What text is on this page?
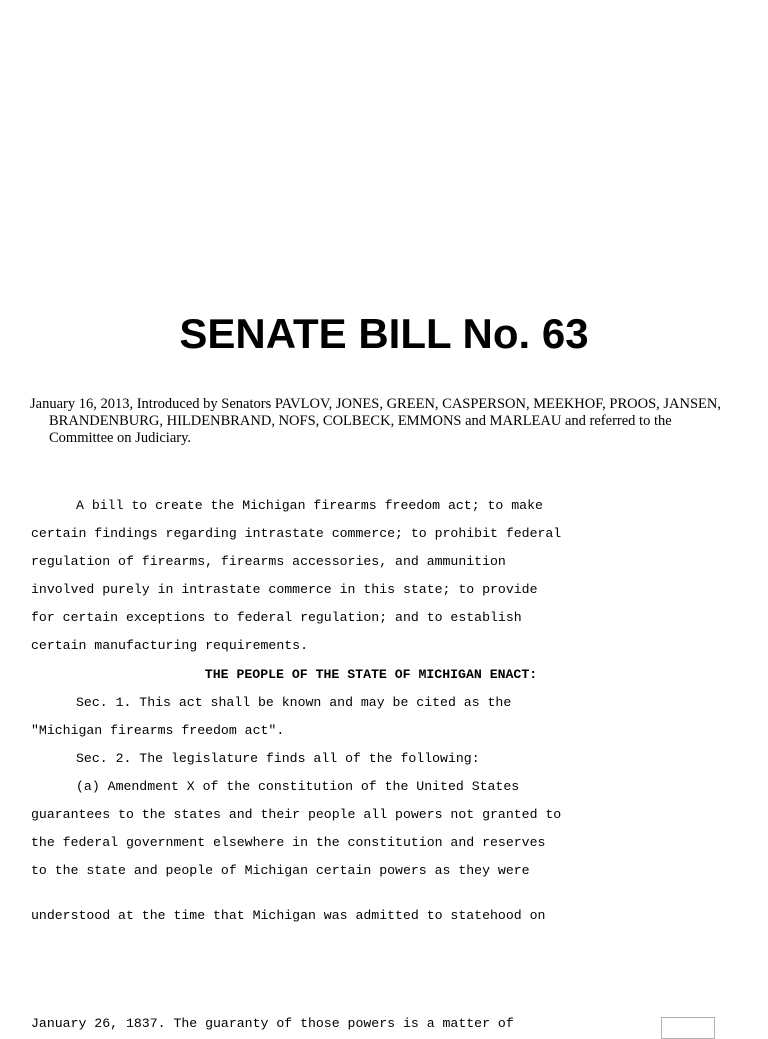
SENATE BILL No. 63

January 16, 2013, Introduced by Senators PAVLOV, JONES, GREEN, CASPERSON, MEEKHOF, PROOS, JANSEN, BRANDENBURG, HILDENBRAND, NOFS, COLBECK, EMMONS and MARLEAU and referred to the Committee on Judiciary.

A bill to create the Michigan firearms freedom act; to make
certain findings regarding intrastate commerce; to prohibit federal
regulation of firearms, firearms accessories, and ammunition
involved purely in intrastate commerce in this state; to provide
for certain exceptions to federal regulation; and to establish
certain manufacturing requirements.
THE PEOPLE OF THE STATE OF MICHIGAN ENACT:
Sec. 1. This act shall be known and may be cited as the
"Michigan firearms freedom act".
Sec. 2. The legislature finds all of the following:
(a) Amendment X of the constitution of the United States
guarantees to the states and their people all powers not granted to
the federal government elsewhere in the constitution and reserves
to the state and people of Michigan certain powers as they were
understood at the time that Michigan was admitted to statehood on
January 26, 1837. The guaranty of those powers is a matter of
